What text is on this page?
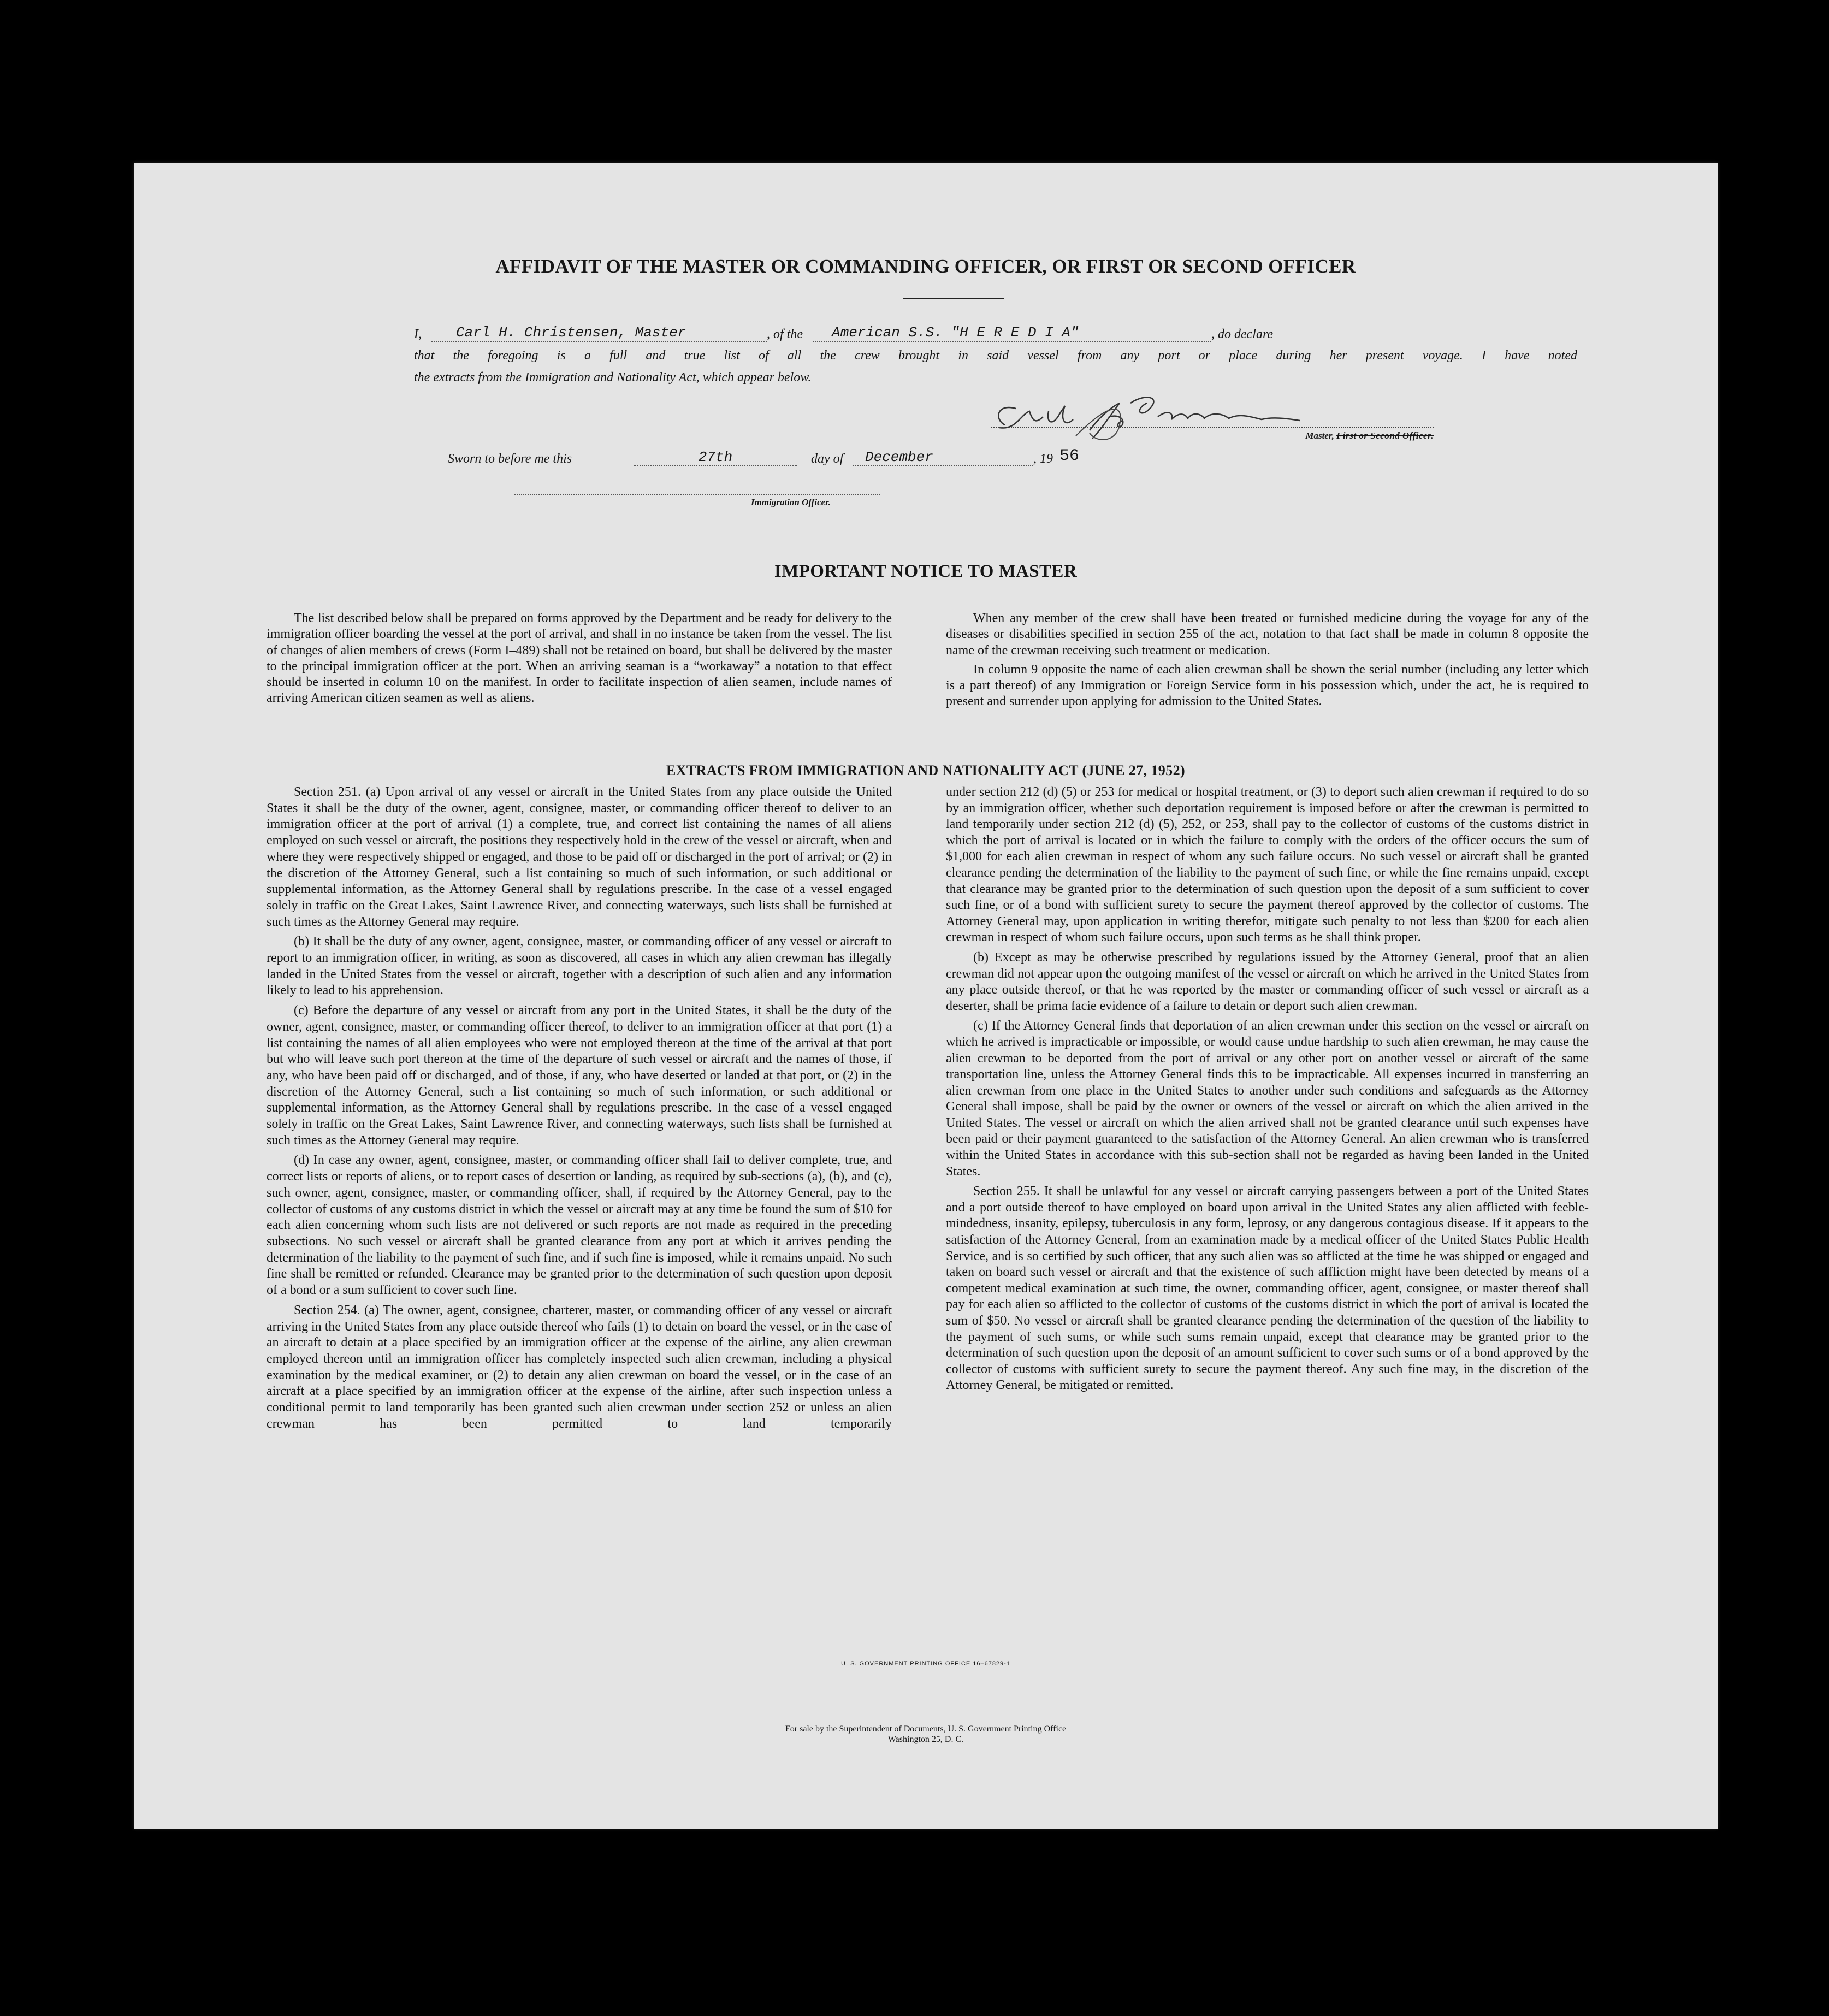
AFFIDAVIT OF THE MASTER OR COMMANDING OFFICER, OR FIRST OR SECOND OFFICER
I,	Carl H. Christensen, Master	, of the	American S.S. "H E R E D I A"	, do declare
that the foregoing is a full and true list of all the crew brought in said vessel from any port or place during her present voyage. I have noted
the extracts from the Immigration and Nationality Act, which appear below.
Master, First or Second Officer.
Sworn to before me this	27th	day of	December	, 19 56
Immigration Officer.
IMPORTANT NOTICE TO MASTER

The list described below shall be prepared on forms approved by the Department and be ready for delivery to the immigration officer boarding the vessel at the port of arrival, and shall in no instance be taken from the vessel. The list of changes of alien members of crews (Form I–489) shall not be retained on board, but shall be delivered by the master to the principal immigration officer at the port. When an arriving seaman is a “workaway” a notation to that effect should be inserted in column 10 on the manifest. In order to facilitate inspection of alien seamen, include names of arriving American citizen seamen as well as aliens.

When any member of the crew shall have been treated or furnished medicine during the voyage for any of the diseases or disabilities specified in section 255 of the act, notation to that fact shall be made in column 8 opposite the name of the crewman receiving such treatment or medication.

In column 9 opposite the name of each alien crewman shall be shown the serial number (including any letter which is a part thereof) of any Immigration or Foreign Service form in his possession which, under the act, he is required to present and surrender upon applying for admission to the United States.

EXTRACTS FROM IMMIGRATION AND NATIONALITY ACT (JUNE 27, 1952)

Section 251. (a) Upon arrival of any vessel or aircraft in the United States from any place outside the United States it shall be the duty of the owner, agent, consignee, master, or commanding officer thereof to deliver to an immigration officer at the port of arrival (1) a complete, true, and correct list containing the names of all aliens employed on such vessel or aircraft, the positions they respectively hold in the crew of the vessel or aircraft, when and where they were respectively shipped or engaged, and those to be paid off or discharged in the port of arrival; or (2) in the discretion of the Attorney General, such a list containing so much of such information, or such additional or supplemental information, as the Attorney General shall by regulations prescribe. In the case of a vessel engaged solely in traffic on the Great Lakes, Saint Lawrence River, and connecting waterways, such lists shall be furnished at such times as the Attorney General may require.

(b) It shall be the duty of any owner, agent, consignee, master, or commanding officer of any vessel or aircraft to report to an immigration officer, in writing, as soon as discovered, all cases in which any alien crewman has illegally landed in the United States from the vessel or aircraft, together with a description of such alien and any information likely to lead to his apprehension.

(c) Before the departure of any vessel or aircraft from any port in the United States, it shall be the duty of the owner, agent, consignee, master, or commanding officer thereof, to deliver to an immigration officer at that port (1) a list containing the names of all alien employees who were not employed thereon at the time of the arrival at that port but who will leave such port thereon at the time of the departure of such vessel or aircraft and the names of those, if any, who have been paid off or discharged, and of those, if any, who have deserted or landed at that port, or (2) in the discretion of the Attorney General, such a list containing so much of such information, or such additional or supplemental information, as the Attorney General shall by regulations prescribe. In the case of a vessel engaged solely in traffic on the Great Lakes, Saint Lawrence River, and connecting waterways, such lists shall be furnished at such times as the Attorney General may require.

(d) In case any owner, agent, consignee, master, or commanding officer shall fail to deliver complete, true, and correct lists or reports of aliens, or to report cases of desertion or landing, as required by sub-sections (a), (b), and (c), such owner, agent, consignee, master, or commanding officer, shall, if required by the Attorney General, pay to the collector of customs of any customs district in which the vessel or aircraft may at any time be found the sum of $10 for each alien concerning whom such lists are not delivered or such reports are not made as required in the preceding subsections. No such vessel or aircraft shall be granted clearance from any port at which it arrives pending the determination of the liability to the payment of such fine, and if such fine is imposed, while it remains unpaid. No such fine shall be remitted or refunded. Clearance may be granted prior to the determination of such question upon deposit of a bond or a sum sufficient to cover such fine.

Section 254. (a) The owner, agent, consignee, charterer, master, or commanding officer of any vessel or aircraft arriving in the United States from any place outside thereof who fails (1) to detain on board the vessel, or in the case of an aircraft to detain at a place specified by an immigration officer at the expense of the airline, any alien crewman employed thereon until an immigration officer has completely inspected such alien crewman, including a physical examination by the medical examiner, or (2) to detain any alien crewman on board the vessel, or in the case of an aircraft at a place specified by an immigration officer at the expense of the airline, after such inspection unless a conditional permit to land temporarily has been granted such alien crewman under section 252 or unless an alien crewman has been permitted to land temporarily

under section 212 (d) (5) or 253 for medical or hospital treatment, or (3) to deport such alien crewman if required to do so by an immigration officer, whether such deportation requirement is imposed before or after the crewman is permitted to land temporarily under section 212 (d) (5), 252, or 253, shall pay to the collector of customs of the customs district in which the port of arrival is located or in which the failure to comply with the orders of the officer occurs the sum of $1,000 for each alien crewman in respect of whom any such failure occurs. No such vessel or aircraft shall be granted clearance pending the determination of the liability to the payment of such fine, or while the fine remains unpaid, except that clearance may be granted prior to the determination of such question upon the deposit of a sum sufficient to cover such fine, or of a bond with sufficient surety to secure the payment thereof approved by the collector of customs. The Attorney General may, upon application in writing therefor, mitigate such penalty to not less than $200 for each alien crewman in respect of whom such failure occurs, upon such terms as he shall think proper.

(b) Except as may be otherwise prescribed by regulations issued by the Attorney General, proof that an alien crewman did not appear upon the outgoing manifest of the vessel or aircraft on which he arrived in the United States from any place outside thereof, or that he was reported by the master or commanding officer of such vessel or aircraft as a deserter, shall be prima facie evidence of a failure to detain or deport such alien crewman.

(c) If the Attorney General finds that deportation of an alien crewman under this section on the vessel or aircraft on which he arrived is impracticable or impossible, or would cause undue hardship to such alien crewman, he may cause the alien crewman to be deported from the port of arrival or any other port on another vessel or aircraft of the same transportation line, unless the Attorney General finds this to be impracticable. All expenses incurred in transferring an alien crewman from one place in the United States to another under such conditions and safeguards as the Attorney General shall impose, shall be paid by the owner or owners of the vessel or aircraft on which the alien arrived in the United States. The vessel or aircraft on which the alien arrived shall not be granted clearance until such expenses have been paid or their payment guaranteed to the satisfaction of the Attorney General. An alien crewman who is transferred within the United States in accordance with this sub-section shall not be regarded as having been landed in the United States.

Section 255. It shall be unlawful for any vessel or aircraft carrying passengers between a port of the United States and a port outside thereof to have employed on board upon arrival in the United States any alien afflicted with feeble-mindedness, insanity, epilepsy, tuberculosis in any form, leprosy, or any dangerous contagious disease. If it appears to the satisfaction of the Attorney General, from an examination made by a medical officer of the United States Public Health Service, and is so certified by such officer, that any such alien was so afflicted at the time he was shipped or engaged and taken on board such vessel or aircraft and that the existence of such affliction might have been detected by means of a competent medical examination at such time, the owner, commanding officer, agent, consignee, or master thereof shall pay for each alien so afflicted to the collector of customs of the customs district in which the port of arrival is located the sum of $50. No vessel or aircraft shall be granted clearance pending the determination of the question of the liability to the payment of such sums, or while such sums remain unpaid, except that clearance may be granted prior to the determination of such question upon the deposit of an amount sufficient to cover such sums or of a bond approved by the collector of customs with sufficient surety to secure the payment thereof. Any such fine may, in the discretion of the Attorney General, be mitigated or remitted.

U. S. GOVERNMENT PRINTING OFFICE 16–67829-1
For sale by the Superintendent of Documents, U. S. Government Printing Office
Washington 25, D. C.
